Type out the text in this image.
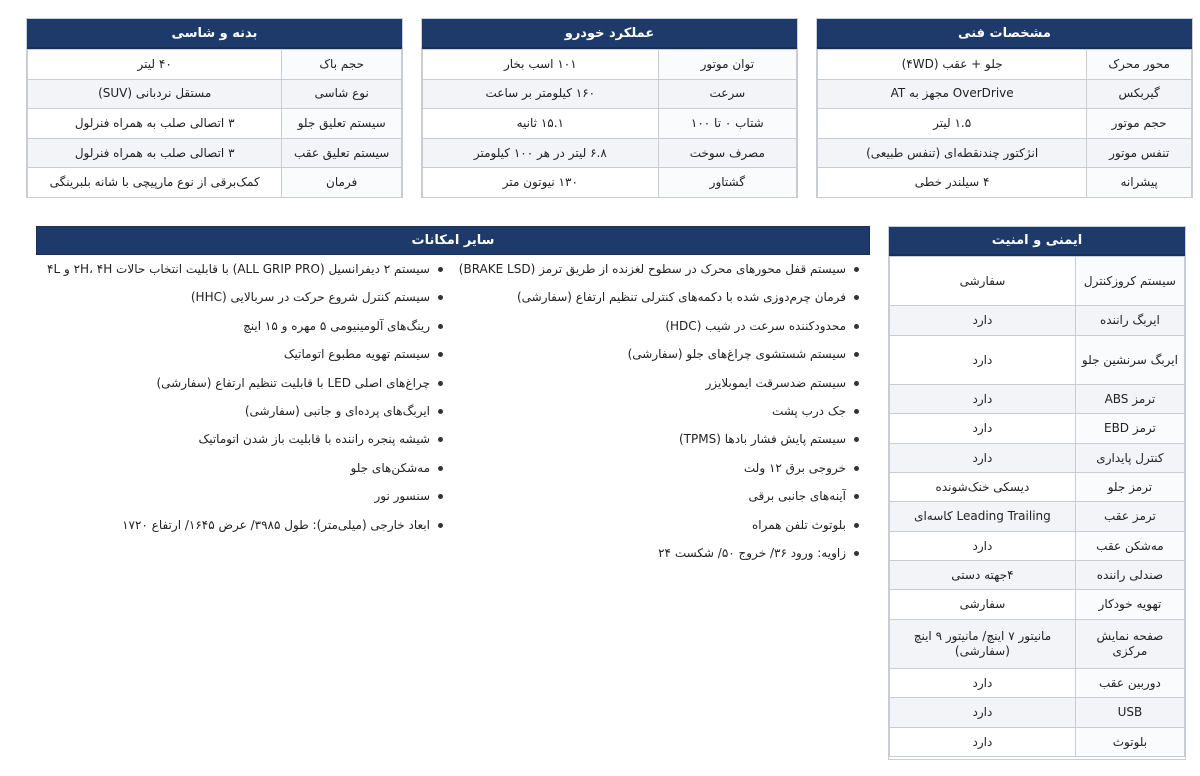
بدنه و شاسی
حجم باک	۴۰ لیتر
نوع شاسی	مستقل نردبانی (SUV)
سیستم تعلیق جلو	۳ اتصالی صلب به همراه فنرلول
سیستم تعلیق عقب	۳ اتصالی صلب به همراه فنرلول
فرمان	کمک‌برقی از نوع مارپیچی با شانه بلبرینگی
عملکرد خودرو
توان موتور	۱۰۱ اسب بخار
سرعت	۱۶۰ کیلومتر بر ساعت
شتاب ۰ تا ۱۰۰	۱۵.۱ ثانیه
مصرف سوخت	۶.۸ لیتر در هر ۱۰۰ کیلومتر
گشتاور	۱۳۰ نیوتون متر
مشخصات فنی
محور محرک	جلو + عقب (۴WD)
گیربکس	OverDrive مجهز به AT
حجم موتور	۱.۵ لیتر
تنفس موتور	انژکتور چندنقطه‌ای (تنفس طبیعی)
پیشرانه	۴ سیلندر خطی
سایر امکانات
سیستم قفل محورهای محرک در سطوح لغزنده از طریق ترمز (BRAKE LSD)
فرمان چرم‌دوزی شده با دکمه‌های کنترلی تنظیم ارتفاع (سفارشی)
محدودکننده سرعت در شیب (HDC)
سیستم شستشوی چراغ‌های جلو (سفارشی)
سیستم ضدسرقت ایموبلایزر
جک درب پشت
سیستم پایش فشار بادها (TPMS)
خروجی برق ۱۲ ولت
آینه‌های جانبی برقی
بلوتوث تلفن همراه
زاویه: ورود ۳۶/ خروج ۵۰/ شکست ۲۴
سیستم ۲ دیفرانسیل (ALL GRIP PRO) با قابلیت انتخاب حالات ۲H، ۴H و ۴L
سیستم کنترل شروع حرکت در سربالایی (HHC)
رینگ‌های آلومینیومی ۵ مهره و ۱۵ اینچ
سیستم تهویه مطبوع اتوماتیک
چراغ‌های اصلی LED با قابلیت تنظیم ارتفاع (سفارشی)
ایربگ‌های پرده‌ای و جانبی (سفارشی)
شیشه پنجره راننده با قابلیت باز شدن اتوماتیک
مه‌شکن‌های جلو
سنسور نور
ابعاد خارجی (میلی‌متر): طول ۳۹۸۵/ عرض ۱۶۴۵/ ارتفاع ۱۷۲۰
ایمنی و امنیت
سیستم کروزکنترل	سفارشی
ایربگ راننده	دارد
ایربگ سرنشین جلو	دارد
ترمز ABS	دارد
ترمز EBD	دارد
کنترل پایداری	دارد
ترمز جلو	دیسکی خنک‌شونده
ترمز عقب	Leading Trailing کاسه‌ای
مه‌شکن عقب	دارد
صندلی راننده	۴جهته دستی
تهویه خودکار	سفارشی
صفحه نمایش مرکزی	مانیتور ۷ اینچ/ مانیتور ۹ اینچ (سفارشی)
دوربین عقب	دارد
USB	دارد
بلوتوث	دارد
